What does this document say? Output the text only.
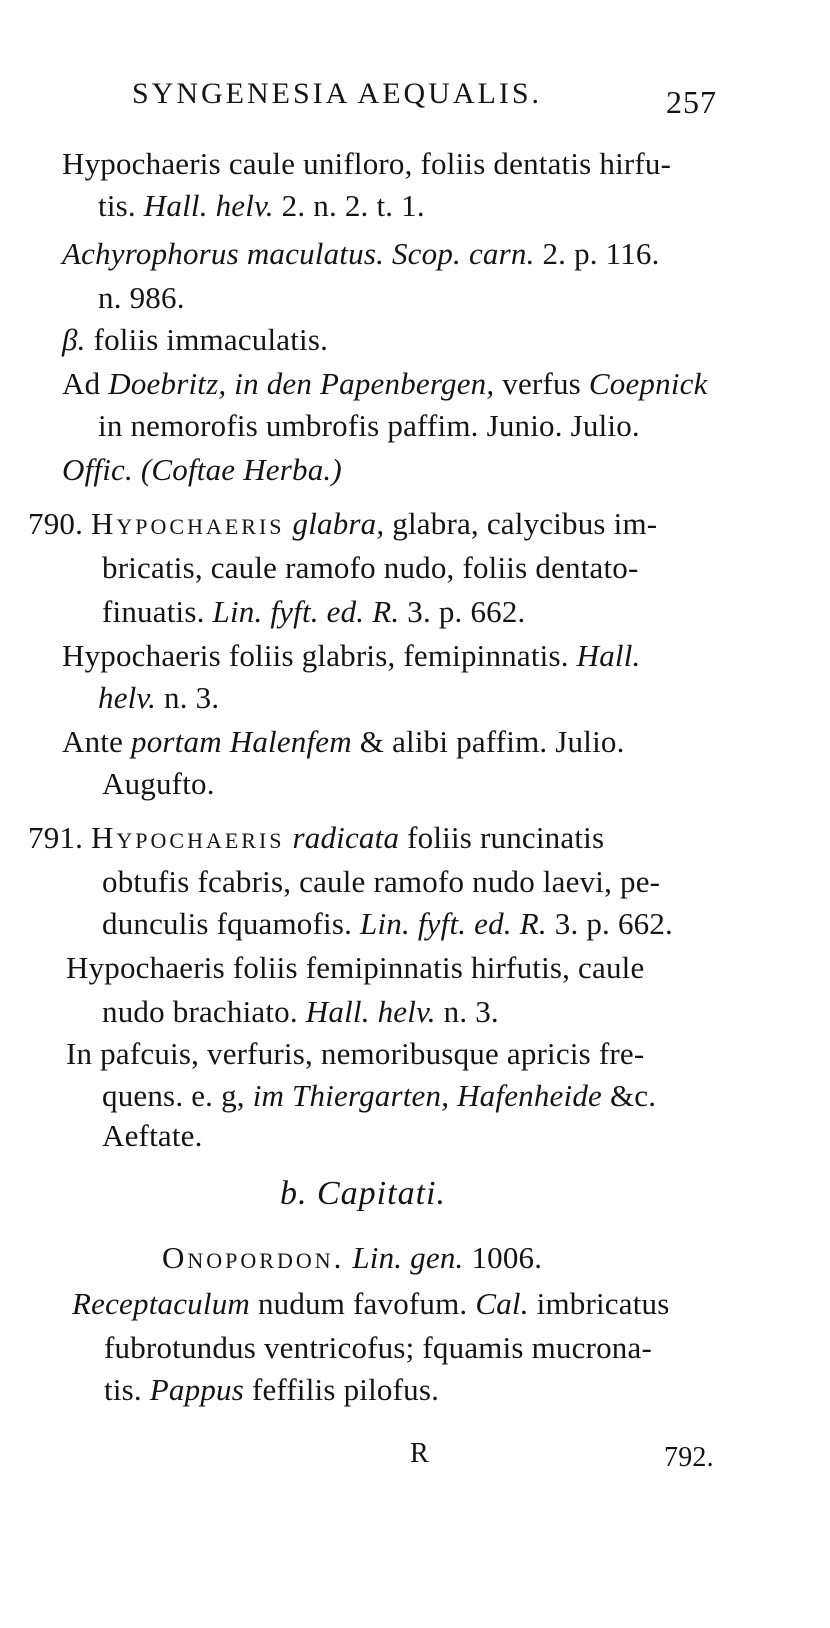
SYNGENESIA AEQUALIS.	257
Hypochaeris caule unifloro, foliis dentatis hirfu-
tis. Hall. helv. 2. n. 2. t. 1.
Achyrophorus maculatus. Scop. carn. 2. p. 116.
n. 986.
β. foliis immaculatis.
Ad Doebritz, in den Papenbergen, verfus Coepnick
in nemorofis umbrofis paffim. Junio. Julio.
Offic. (Coftae Herba.)
790. Hypochaeris glabra, glabra, calycibus im-
bricatis, caule ramofo nudo, foliis dentato-
finuatis. Lin. fyft. ed. R. 3. p. 662.
Hypochaeris foliis glabris, femipinnatis. Hall.
helv. n. 3.
Ante portam Halenfem & alibi paffim. Julio.
Augufto.
791. Hypochaeris radicata foliis runcinatis
obtufis fcabris, caule ramofo nudo laevi, pe-
dunculis fquamofis. Lin. fyft. ed. R. 3. p. 662.
Hypochaeris foliis femipinnatis hirfutis, caule
nudo brachiato. Hall. helv. n. 3.
In pafcuis, verfuris, nemoribusque apricis fre-
quens. e. g, im Thiergarten, Hafenheide &c.
Aeftate.
b. Capitati.
Onopordon. Lin. gen. 1006.
Receptaculum nudum favofum. Cal. imbricatus
fubrotundus ventricofus; fquamis mucrona-
tis. Pappus feffilis pilofus.
R	792.
